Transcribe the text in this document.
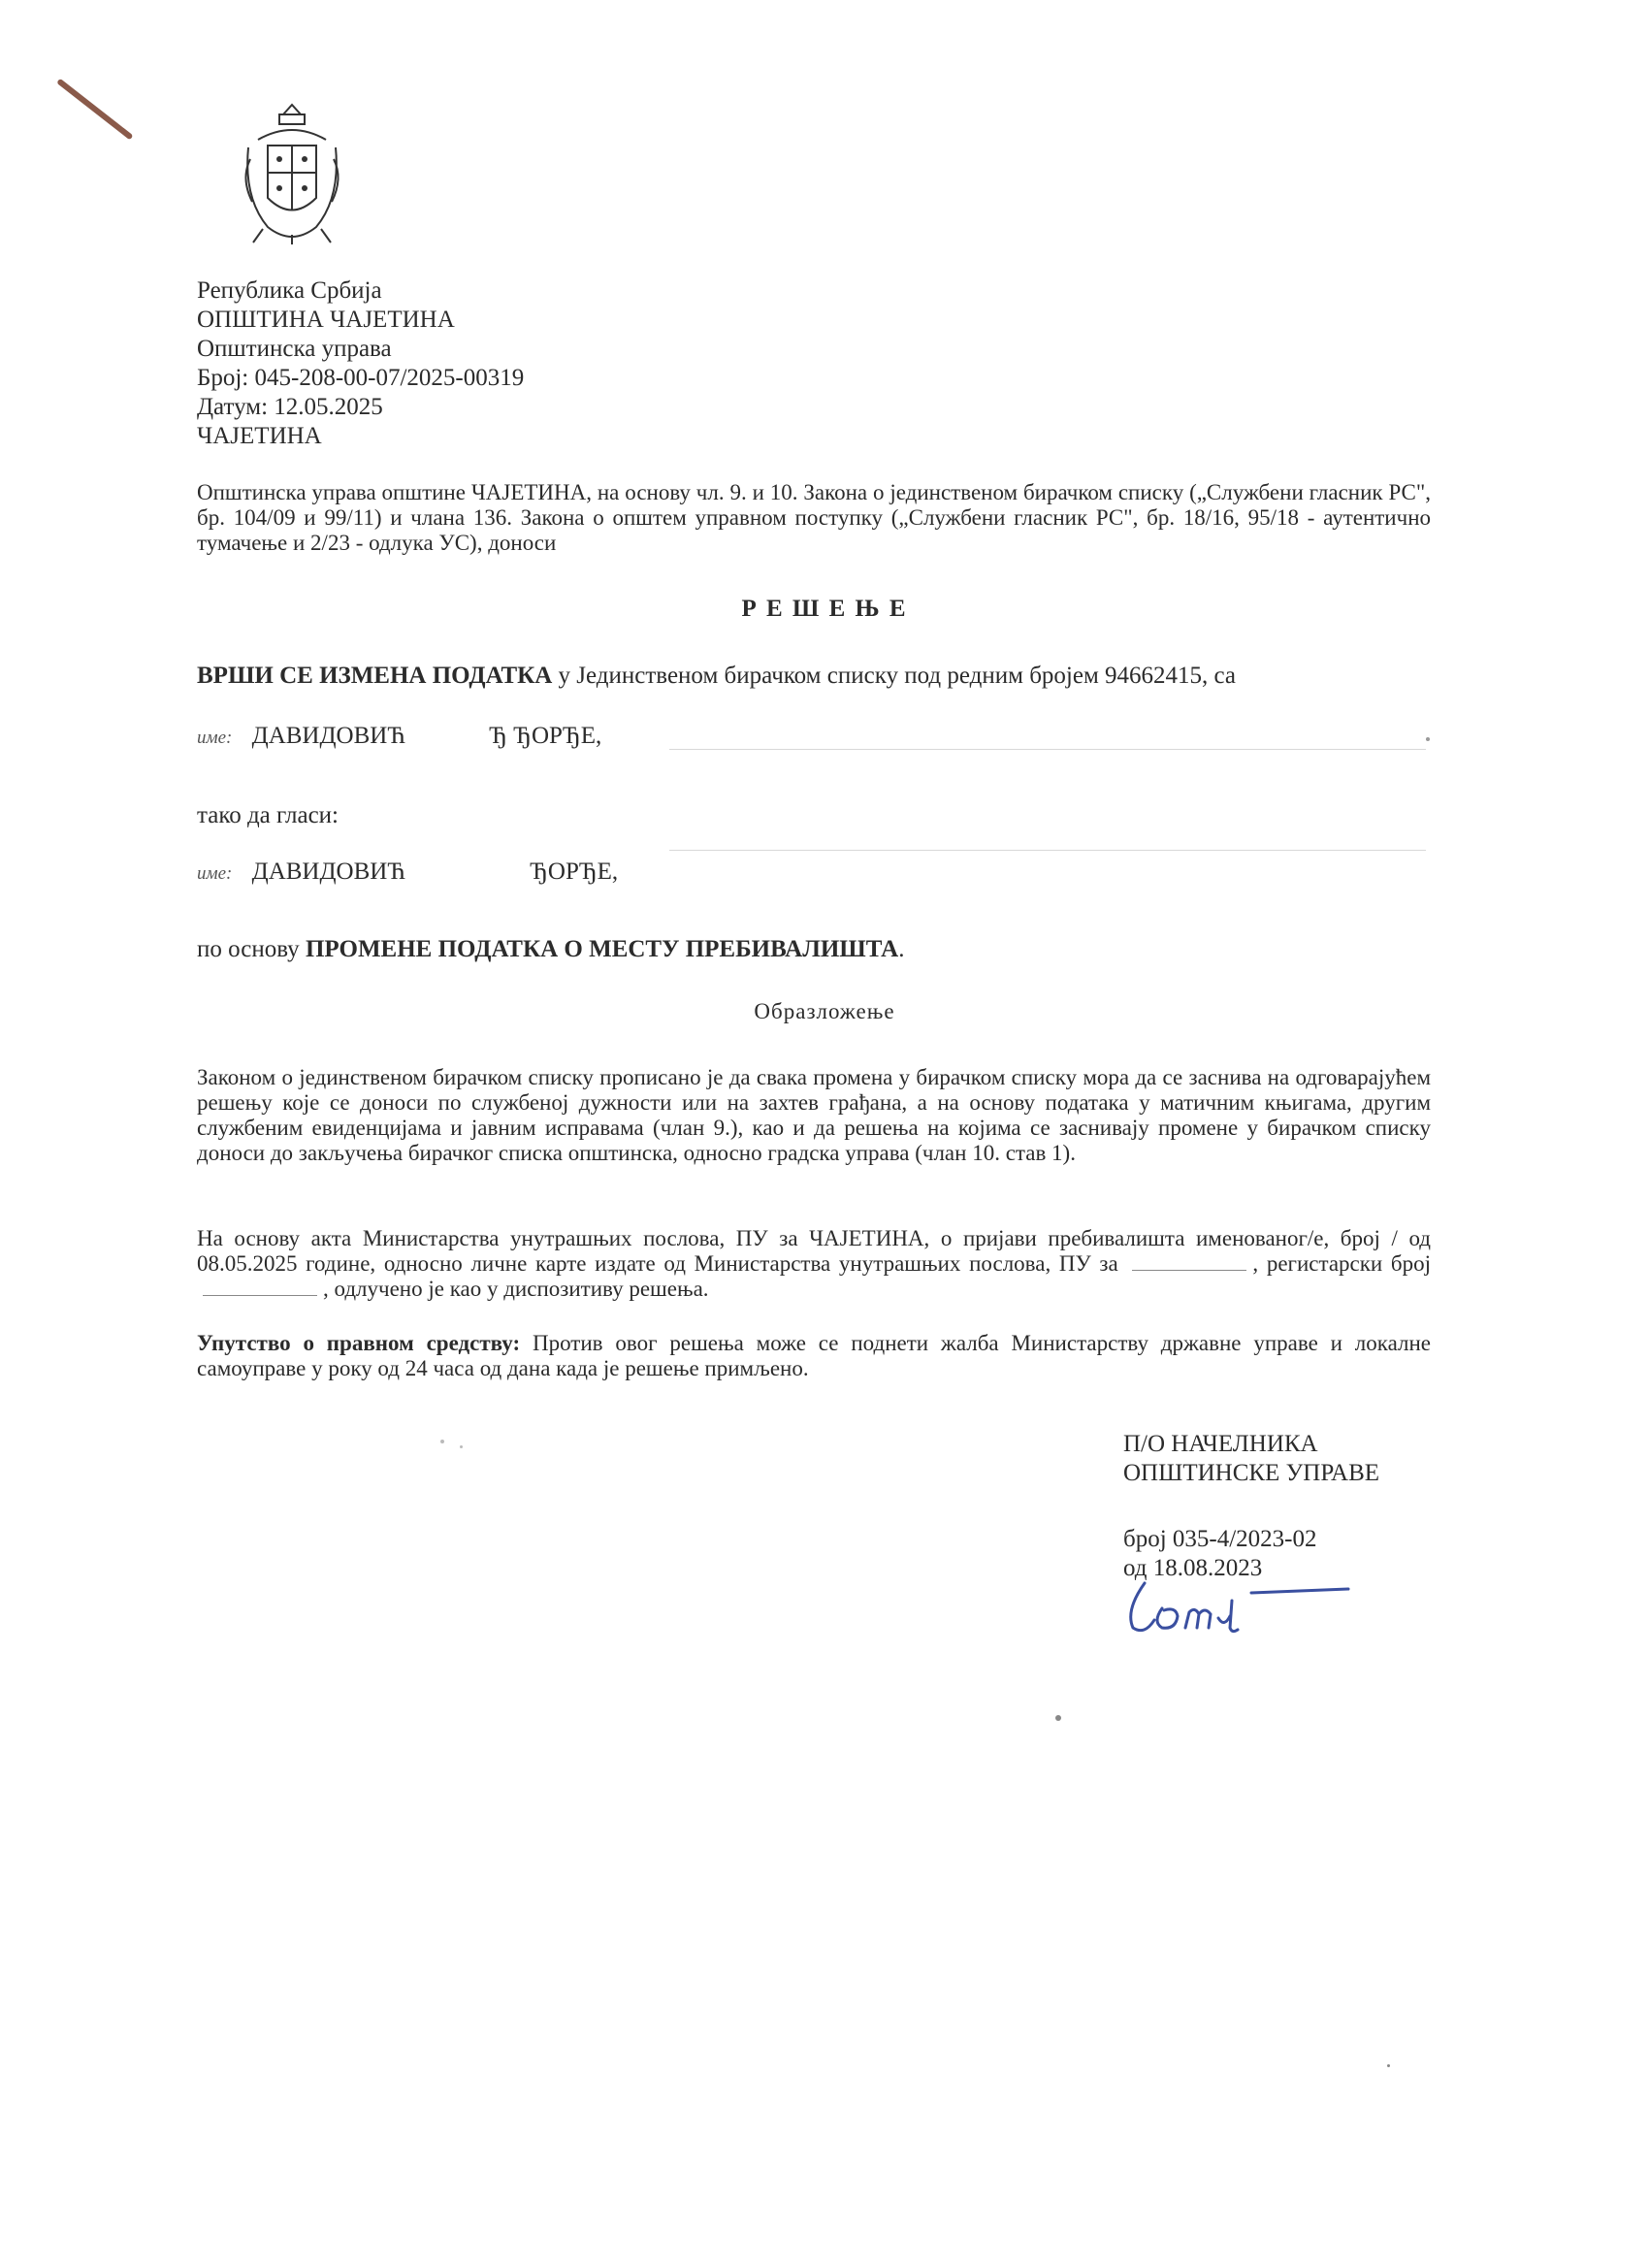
Република Србија
ОПШТИНА ЧАЈЕТИНА
Општинска управа
Број: 045-208-00-07/2025-00319
Датум: 12.05.2025
ЧАЈЕТИНА
Општинска управа општине ЧАЈЕТИНА, на основу чл. 9. и 10. Закона о јединственом бирачком списку („Службени гласник РС", бр. 104/09 и 99/11) и члана 136. Закона о општем управном поступку („Службени гласник РС", бр. 18/16, 95/18 - аутентично тумачење и 2/23 - одлука УС), доноси
Р Е Ш Е Њ Е
ВРШИ СЕ ИЗМЕНА ПОДАТКА у Јединственом бирачком списку под редним бројем 94662415, са
име: ДАВИДОВИЋ	Ђ ЂОРЂЕ,
тако да гласи:
име: ДАВИДОВИЋ	ЂОРЂЕ,
по основу ПРОМЕНЕ ПОДАТКА О МЕСТУ ПРЕБИВАЛИШТА.
Образложење
Законом о јединственом бирачком списку прописано је да свака промена у бирачком списку мора да се заснива на одговарајућем решењу које се доноси по службеној дужности или на захтев грађана, а на основу података у матичним књигама, другим службеним евиденцијама и јавним исправама (члан 9.), као и да решења на којима се заснивају промене у бирачком списку доноси до закључења бирачког списка општинска, односно градска управа (члан 10. став 1).
На основу акта Министарства унутрашњих послова, ПУ за ЧАЈЕТИНА, о пријави пребивалишта именованог/е, број / од 08.05.2025 године, односно личне карте издате од Министарства унутрашњих послова, ПУ за	, регистарски број , одлучено је као у диспозитиву решења.
Упутство о правном средству: Против овог решења може се поднети жалба Министарству државне управе и локалне самоуправе у року од 24 часа од дана када је решење примљено.
П/О НАЧЕЛНИКА
ОПШТИНСКЕ УПРАВЕ
број 035-4/2023-02
од 18.08.2023
